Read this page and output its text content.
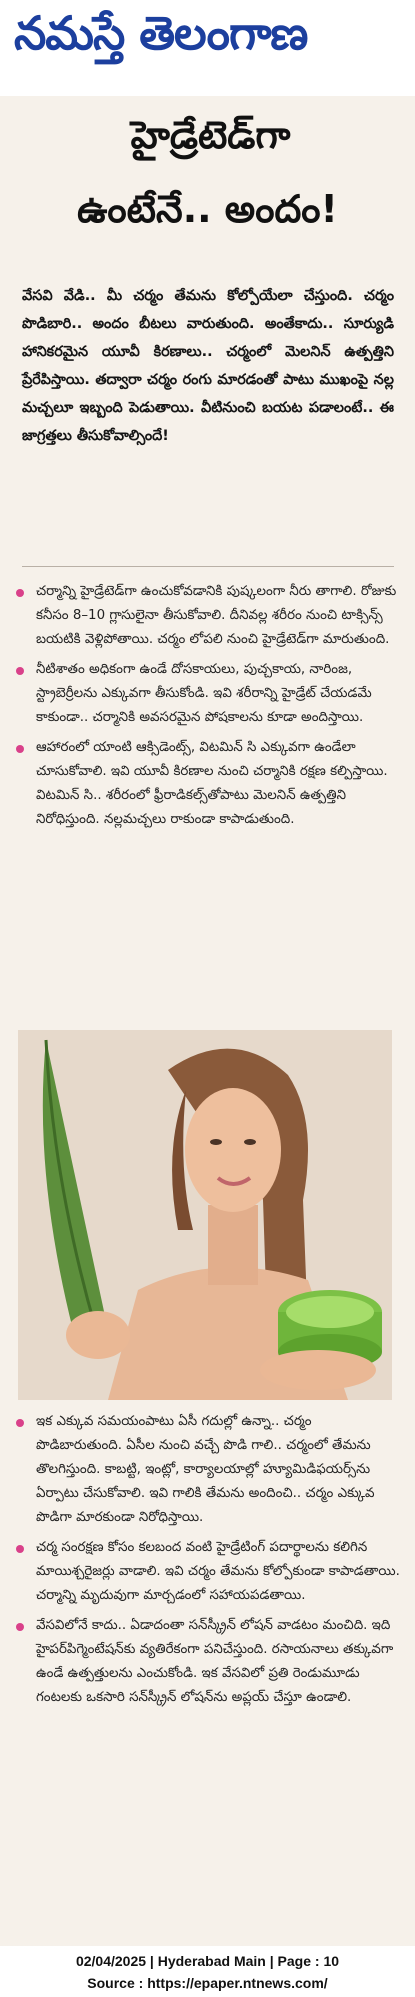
నమస్తే తెలంగాణ
హైడ్రేటెడ్‌గా
ఉంటేనే.. అందం!
వేసవి వేడి.. మీ చర్మం తేమను కోల్పోయేలా చేస్తుంది. చర్మం పొడిబారి.. అందం బీటలు వారుతుంది. అంతేకాదు.. సూర్యుడి హానికరమైన యూవీ కిరణాలు.. చర్మంలో మెలనిన్ ఉత్పత్తిని ప్రేరేపిస్తాయి. తద్వారా చర్మం రంగు మారడంతో పాటు ముఖంపై నల్ల మచ్చలూ ఇబ్బంది పెడుతాయి. వీటినుంచి బయట పడాలంటే.. ఈ జాగ్రత్తలు తీసుకోవాల్సిందే!
చర్మాన్ని హైడ్రేటెడ్‌గా ఉంచుకోవడానికి పుష్కలంగా నీరు తాగాలి. రోజుకు కనీసం 8–10 గ్లాసులైనా తీసుకోవాలి. దీనివల్ల శరీరం నుంచి టాక్సిన్స్ బయటికి వెళ్లిపోతాయి. చర్మం లోపలి నుంచి హైడ్రేటెడ్‌గా మారుతుంది.
నీటిశాతం అధికంగా ఉండే దోసకాయలు, పుచ్చకాయ, నారింజ, స్ట్రాబెర్రీలను ఎక్కువగా తీసుకోండి. ఇవి శరీరాన్ని హైడ్రేట్ చేయడమే కాకుండా.. చర్మానికి అవసరమైన పోషకాలను కూడా అందిస్తాయి.
ఆహారంలో యాంటి ఆక్సిడెంట్స్, విటమిన్ సి ఎక్కువగా ఉండేలా చూసుకోవాలి. ఇవి యూవీ కిరణాల నుంచి చర్మానికి రక్షణ కల్పిస్తాయి. విటమిన్ సి.. శరీరంలో ఫ్రీరాడికల్స్‌తోపాటు మెలనిన్ ఉత్పత్తిని నిరోధిస్తుంది. నల్లమచ్చలు రాకుండా కాపాడుతుంది.
ఇక ఎక్కువ సమయంపాటు ఏసీ గదుల్లో ఉన్నా.. చర్మం పొడిబారుతుంది. ఏసీల నుంచి వచ్చే పొడి గాలి.. చర్మంలో తేమను తొలగిస్తుంది. కాబట్టి, ఇంట్లో, కార్యాలయాల్లో హ్యూమిడిఫయర్స్‌ను ఏర్పాటు చేసుకోవాలి. ఇవి గాలికి తేమను అందించి.. చర్మం ఎక్కువ పొడిగా మారకుండా నిరోధిస్తాయి.
చర్మ సంరక్షణ కోసం కలబంద వంటి హైడ్రేటింగ్ పదార్థాలను కలిగిన మాయిశ్చరైజర్లు వాడాలి. ఇవి చర్మం తేమను కోల్పోకుండా కాపాడతాయి. చర్మాన్ని మృదువుగా మార్చడంలో సహాయపడతాయి.
వేసవిలోనే కాదు.. ఏడాదంతా సన్‌స్క్రీన్ లోషన్ వాడటం మంచిది. ఇది హైపర్‌పిగ్మెంటేషన్‌కు వ్యతిరేకంగా పనిచేస్తుంది. రసాయనాలు తక్కువగా ఉండే ఉత్పత్తులను ఎంచుకోండి. ఇక వేసవిలో ప్రతి రెండుమూడు గంటలకు ఒకసారి సన్‌స్క్రీన్ లోషన్‌ను అప్లయ్ చేస్తూ ఉండాలి.
02/04/2025 | Hyderabad Main | Page : 10
Source : https://epaper.ntnews.com/
